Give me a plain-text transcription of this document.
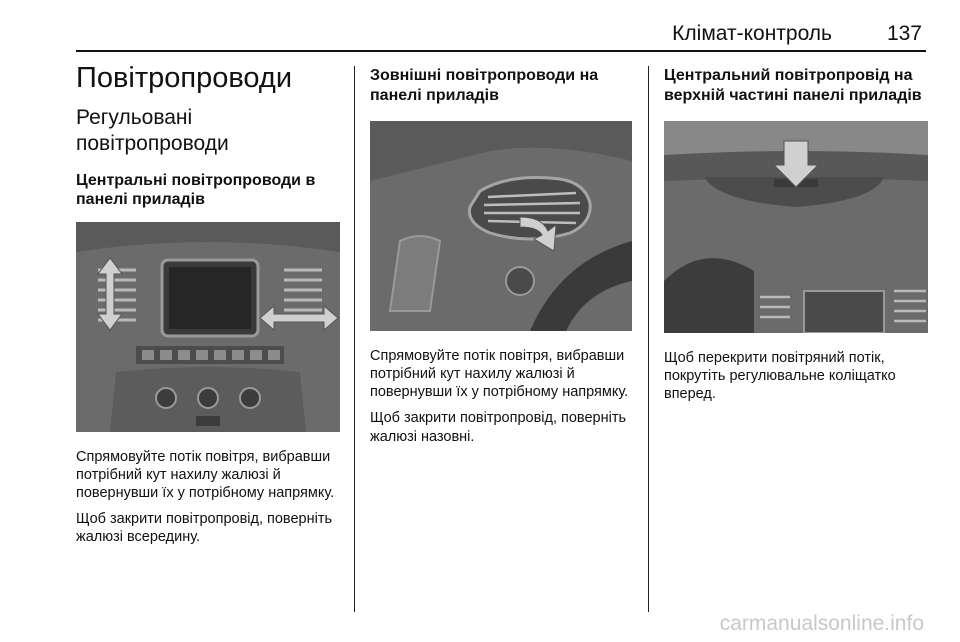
Клімат-контроль	137
Повітропроводи
Регульовані повітропроводи
Центральні повітропроводи в панелі приладів

Спрямовуйте потік повітря, вибравши потрібний кут нахилу жалюзі й повернувши їх у потрібному напрямку.

Щоб закрити повітропровід, поверніть жалюзі всередину.

Зовнішні повітропроводи на панелі приладів

Спрямовуйте потік повітря, вибравши потрібний кут нахилу жалюзі й повернувши їх у потрібному напрямку.

Щоб закрити повітропровід, поверніть жалюзі назовні.

Центральний повітропровід на верхній частині панелі приладів

Щоб перекрити повітряний потік, покрутіть регулювальне коліщатко вперед.

carmanualsonline.info
